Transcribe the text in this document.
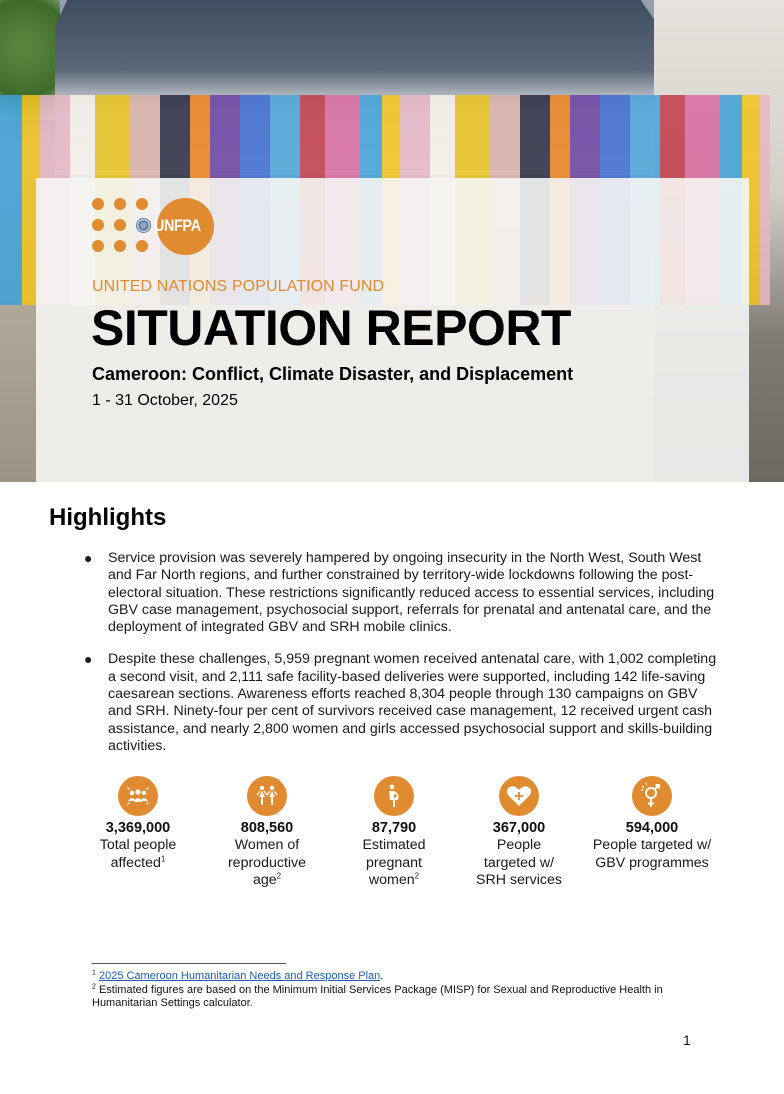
UNFPA
UNITED NATIONS POPULATION FUND
SITUATION REPORT
Cameroon: Conflict, Climate Disaster, and Displacement
1 - 31 October, 2025
Highlights
● Service provision was severely hampered by ongoing insecurity in the North West, South West and Far North regions, and further constrained by territory-wide lockdowns following the post-electoral situation. These restrictions significantly reduced access to essential services, including GBV case management, psychosocial support, referrals for prenatal and antenatal care, and the deployment of integrated GBV and SRH mobile clinics.
● Despite these challenges, 5,959 pregnant women received antenatal care, with 1,002 completing a second visit, and 2,111 safe facility-based deliveries were supported, including 142 life-saving caesarean sections. Awareness efforts reached 8,304 people through 130 campaigns on GBV and SRH. Ninety-four per cent of survivors received case management, 12 received urgent cash assistance, and nearly 2,800 women and girls accessed psychosocial support and skills-building activities.
3,369,000
Total people
affected$^1$
808,560
Women of
reproductive
age$^2$
87,790
Estimated
pregnant
women$^2$
367,000
People
targeted w/
SRH services
594,000
People targeted w/
GBV programmes
$^1$ 2025 Cameroon Humanitarian Needs and Response Plan.
$^2$ Estimated figures are based on the Minimum Initial Services Package (MISP) for Sexual and Reproductive Health in Humanitarian Settings calculator.
1
